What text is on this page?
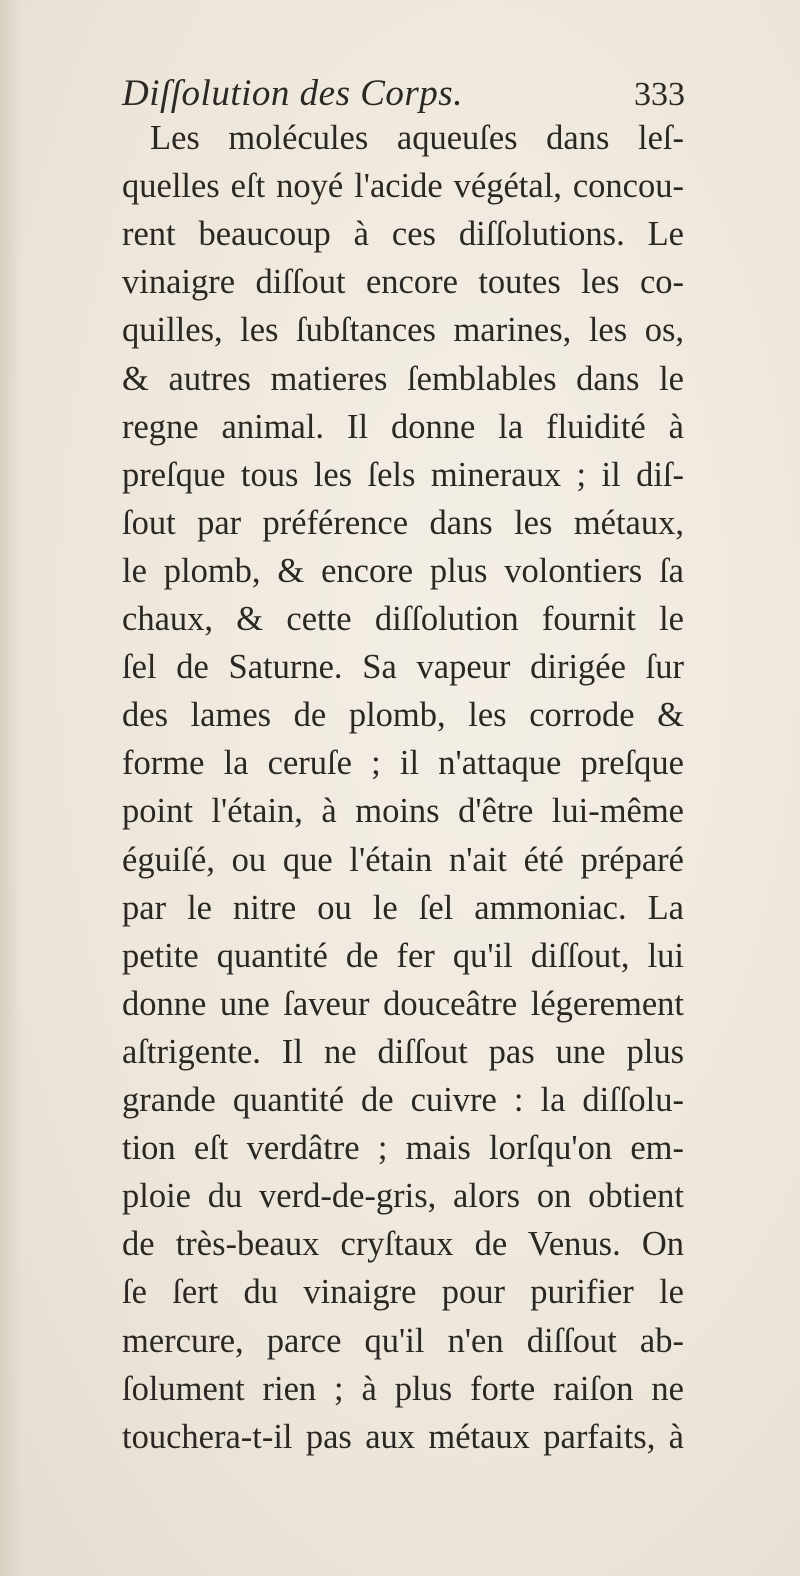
Diſſolution des Corps.	333
Les molécules aqueuſes dans leſ-
quelles eſt noyé l'acide végétal, concou-
rent beaucoup à ces diſſolutions. Le
vinaigre diſſout encore toutes les co-
quilles, les ſubſtances marines, les os,
& autres matieres ſemblables dans le
regne animal. Il donne la fluidité à
preſque tous les ſels mineraux ; il diſ-
ſout par préférence dans les métaux,
le plomb, & encore plus volontiers ſa
chaux, & cette diſſolution fournit le
ſel de Saturne. Sa vapeur dirigée ſur
des lames de plomb, les corrode &
forme la ceruſe ; il n'attaque preſque
point l'étain, à moins d'être lui-même
éguiſé, ou que l'étain n'ait été préparé
par le nitre ou le ſel ammoniac. La
petite quantité de fer qu'il diſſout, lui
donne une ſaveur douceâtre légerement
aſtrigente. Il ne diſſout pas une plus
grande quantité de cuivre : la diſſolu-
tion eſt verdâtre ; mais lorſqu'on em-
ploie du verd-de-gris, alors on obtient
de très-beaux cryſtaux de Venus. On
ſe ſert du vinaigre pour purifier le
mercure, parce qu'il n'en diſſout ab-
ſolument rien ; à plus forte raiſon ne
touchera-t-il pas aux métaux parfaits, à
